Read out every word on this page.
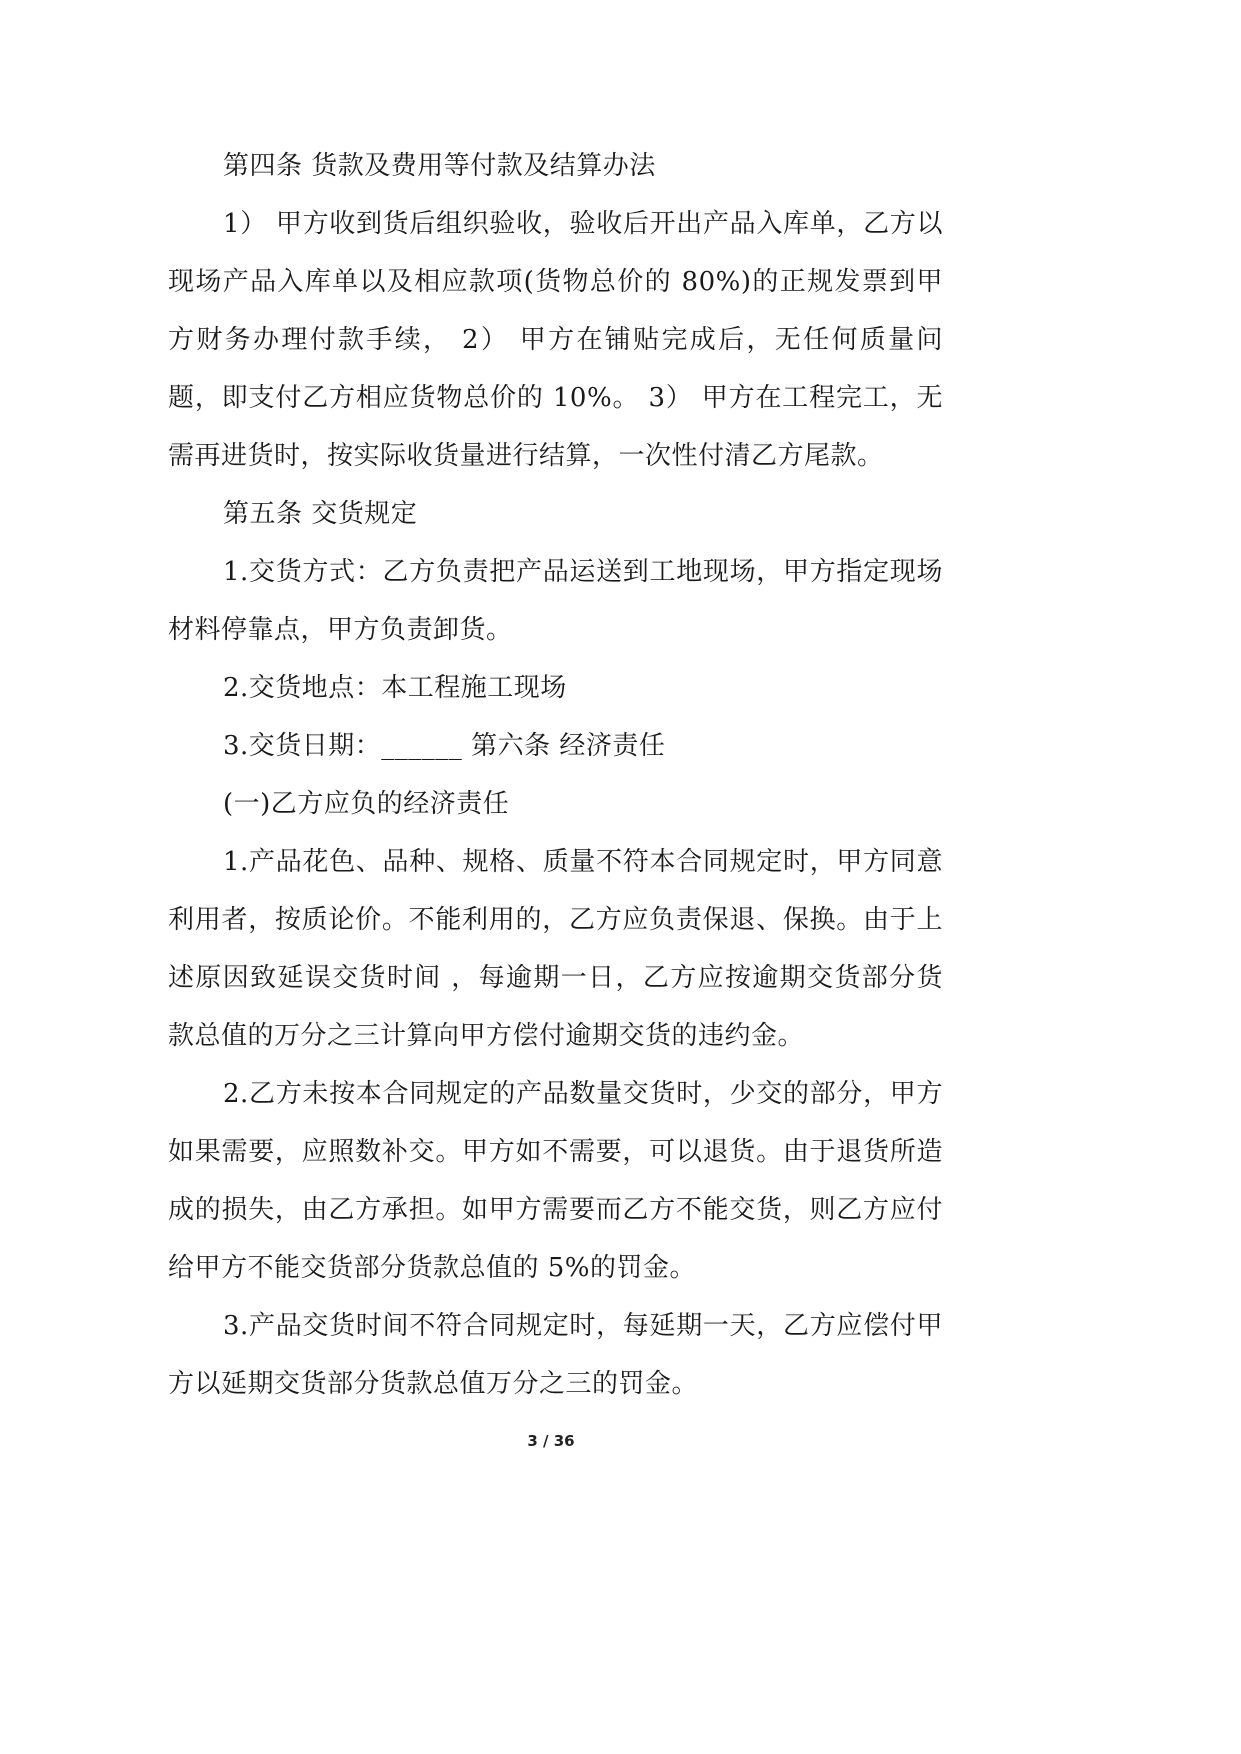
第四条 货款及费用等付款及结算办法

1） 甲方收到货后组织验收，验收后开出产品入库单，乙方以现场产品入库单以及相应款项(货物总价的 80%)的正规发票到甲方财务办理付款手续， 2） 甲方在铺贴完成后，无任何质量问题，即支付乙方相应货物总价的 10%。 3） 甲方在工程完工，无需再进货时，按实际收货量进行结算，一次性付清乙方尾款。

第五条 交货规定

1.交货方式：乙方负责把产品运送到工地现场，甲方指定现场材料停靠点，甲方负责卸货。

2.交货地点：本工程施工现场

3.交货日期：______ 第六条 经济责任

(一)乙方应负的经济责任

1.产品花色、品种、规格、质量不符本合同规定时，甲方同意利用者，按质论价。不能利用的，乙方应负责保退、保换。由于上述原因致延误交货时间 ，每逾期一日，乙方应按逾期交货部分货款总值的万分之三计算向甲方偿付逾期交货的违约金。

2.乙方未按本合同规定的产品数量交货时，少交的部分，甲方如果需要，应照数补交。甲方如不需要，可以退货。由于退货所造成的损失，由乙方承担。如甲方需要而乙方不能交货，则乙方应付给甲方不能交货部分货款总值的 5%的罚金。

3.产品交货时间不符合同规定时，每延期一天，乙方应偿付甲方以延期交货部分货款总值万分之三的罚金。

3 / 36
